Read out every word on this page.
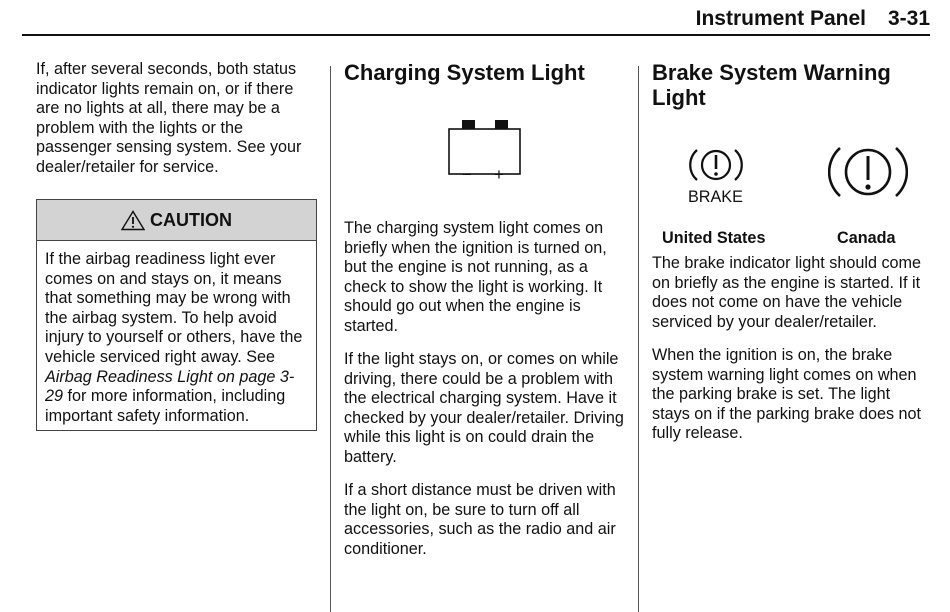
Instrument Panel 3-31

If, after several seconds, both status indicator lights remain on, or if there are no lights at all, there may be a problem with the lights or the passenger sensing system. See your dealer/retailer for service.

CAUTION

If the airbag readiness light ever comes on and stays on, it means that something may be wrong with the airbag system. To help avoid injury to yourself or others, have the vehicle serviced right away. See Airbag Readiness Light on page 3-29 for more information, including important safety information.

Charging System Light
− +

The charging system light comes on briefly when the ignition is turned on, but the engine is not running, as a check to show the light is working. It should go out when the engine is started.

If the light stays on, or comes on while driving, there could be a problem with the electrical charging system. Have it checked by your dealer/retailer. Driving while this light is on could drain the battery.

If a short distance must be driven with the light on, be sure to turn off all accessories, such as the radio and air conditioner.

Brake System Warning Light
BRAKE
United States	Canada

The brake indicator light should come on briefly as the engine is started. If it does not come on have the vehicle serviced by your dealer/retailer.

When the ignition is on, the brake system warning light comes on when the parking brake is set. The light stays on if the parking brake does not fully release.
